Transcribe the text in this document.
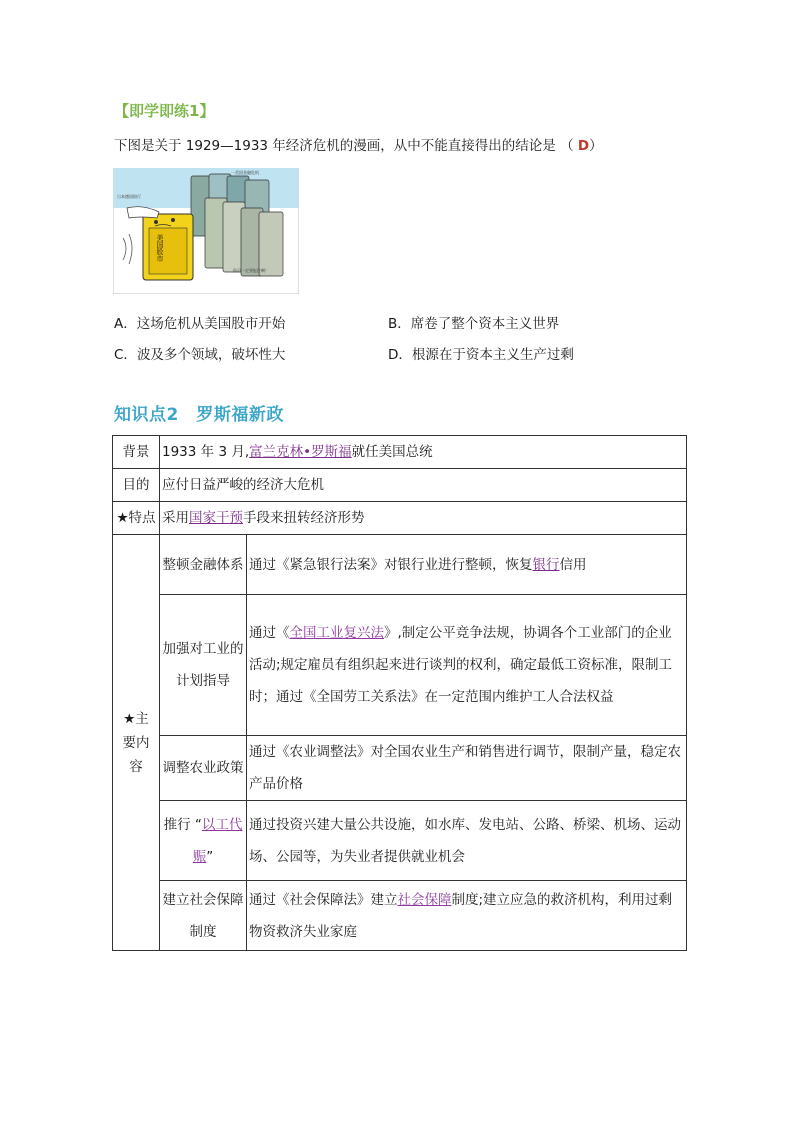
【即学即练1】
下图是关于 1929—1933 年经济危机的漫画，从中不能直接得出的结论是 （ D）
美国股市
日本德国银行
一美国金融危机
你可一定要挺住啊！
A．这场危机从美国股市开始	B．席卷了整个资本主义世界
C．波及多个领域，破坏性大	D．根源在于资本主义生产过剩
知识点2　罗斯福新政
背景	1933 年 3 月,富兰克林•罗斯福就任美国总统	
目的	应付日益严峻的经济大危机	
★特点	采用国家干预手段来扭转经济形势	
★主要内容	整顿金融体系	通过《紧急银行法案》对银行业进行整顿，恢复银行信用
	加强对工业的计划指导	通过《全国工业复兴法》,制定公平竞争法规，协调各个工业部门的企业活动;规定雇员有组织起来进行谈判的权利，确定最低工资标准，限制工时；通过《全国劳工关系法》在一定范围内维护工人合法权益
	调整农业政策	通过《农业调整法》对全国农业生产和销售进行调节，限制产量，稳定农产品价格
	推行 “以工代赈”	通过投资兴建大量公共设施，如水库、发电站、公路、桥梁、机场、运动场、公园等，为失业者提供就业机会
	建立社会保障制度	通过《社会保障法》建立社会保障制度;建立应急的救济机构，利用过剩物资救济失业家庭
